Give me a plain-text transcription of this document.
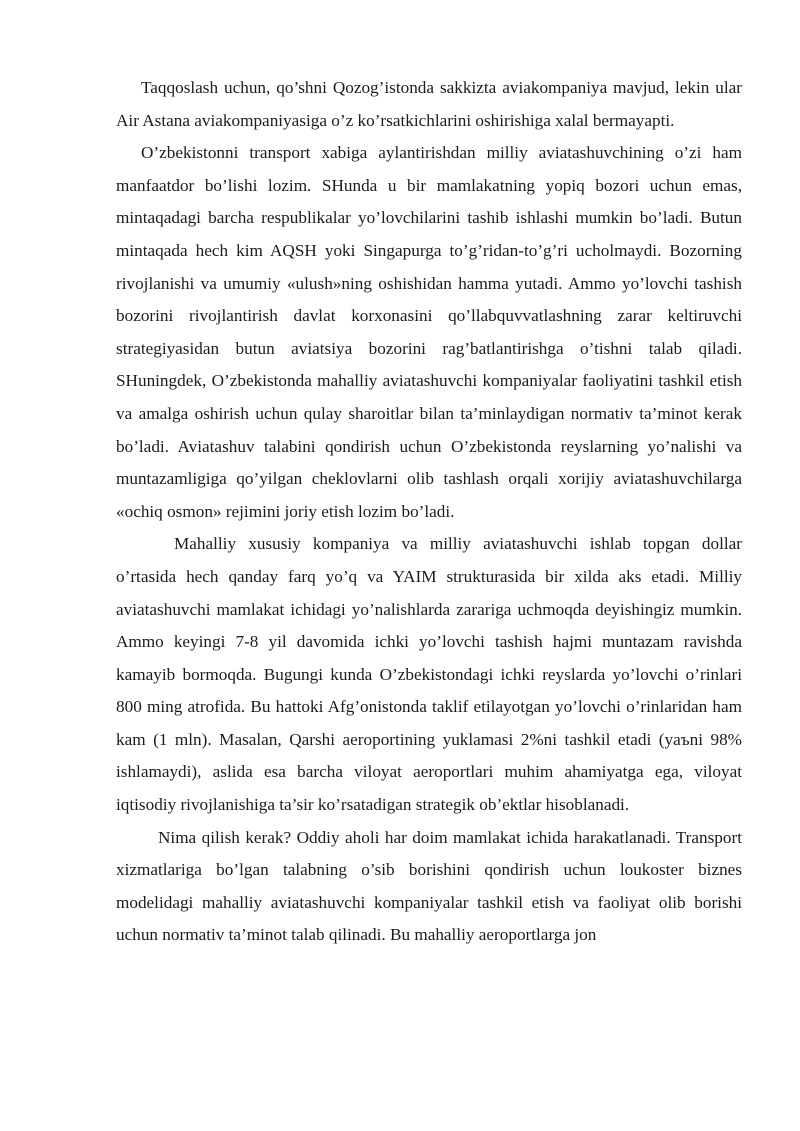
Taqqoslash uchun, qo’shni Qozog’istonda sakkizta aviakompaniya mavjud, lekin ular Air Astana aviakompaniyasiga o’z ko’rsatkichlarini oshirishiga xalal bermayapti.

O’zbekistonni transport xabiga aylantirishdan milliy aviatashuvchining o’zi ham manfaatdor bo’lishi lozim. SHunda u bir mamlakatning yopiq bozori uchun emas, mintaqadagi barcha respublikalar yo’lovchilarini tashib ishlashi mumkin bo’ladi. Butun mintaqada hech kim AQSH yoki Singapurga to’g’ridan-to’g’ri ucholmaydi. Bozorning rivojlanishi va umumiy «ulush»ning oshishidan hamma yutadi. Ammo yo’lovchi tashish bozorini rivojlantirish davlat korxonasini qo’llabquvvatlashning zarar keltiruvchi strategiyasidan butun aviatsiya bozorini rag’batlantirishga o’tishni talab qiladi. SHuningdek, O’zbekistonda mahalliy aviatashuvchi kompaniyalar faoliyatini tashkil etish va amalga oshirish uchun qulay sharoitlar bilan ta’minlaydigan normativ ta’minot kerak bo’ladi. Aviatashuv talabini qondirish uchun O’zbekistonda reyslarning yo’nalishi va muntazamligiga qo’yilgan cheklovlarni olib tashlash orqali xorijiy aviatashuvchilarga «ochiq osmon» rejimini joriy etish lozim bo’ladi.

Mahalliy xususiy kompaniya va milliy aviatashuvchi ishlab topgan dollar o’rtasida hech qanday farq yo’q va YAIM strukturasida bir xilda aks etadi. Milliy aviatashuvchi mamlakat ichidagi yo’nalishlarda zarariga uchmoqda deyishingiz mumkin. Ammo keyingi 7-8 yil davomida ichki yo’lovchi tashish hajmi muntazam ravishda kamayib bormoqda. Bugungi kunda O’zbekistondagi ichki reyslarda yo’lovchi o’rinlari 800 ming atrofida. Bu hattoki Afg’onistonda taklif etilayotgan yo’lovchi o’rinlaridan ham kam (1 mln). Masalan, Qarshi aeroportining yuklamasi 2%ni tashkil etadi (yaъni 98% ishlamaydi), aslida esa barcha viloyat aeroportlari muhim ahamiyatga ega, viloyat iqtisodiy rivojlanishiga ta’sir ko’rsatadigan strategik ob’ektlar hisoblanadi.

Nima qilish kerak? Oddiy aholi har doim mamlakat ichida harakatlanadi. Transport xizmatlariga bo’lgan talabning o’sib borishini qondirish uchun loukoster biznes modelidagi mahalliy aviatashuvchi kompaniyalar tashkil etish va faoliyat olib borishi uchun normativ ta’minot talab qilinadi. Bu mahalliy aeroportlarga jon
